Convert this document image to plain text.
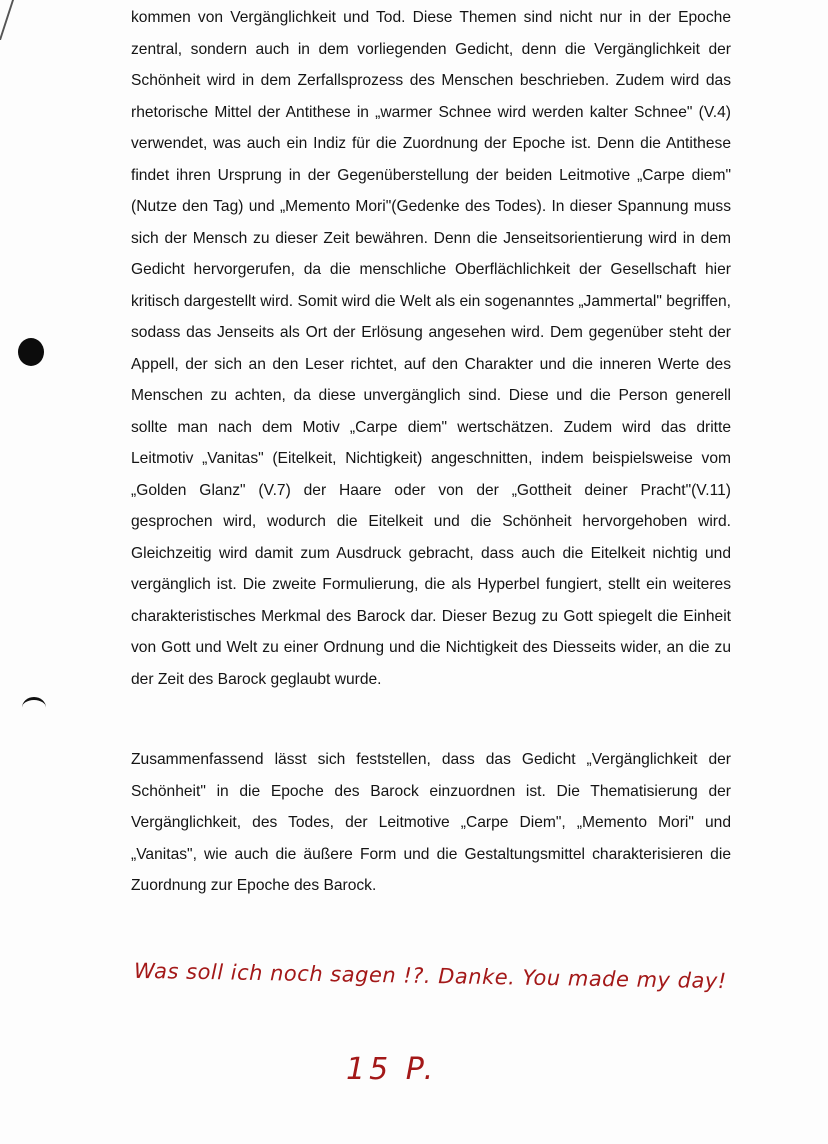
kommen von Vergänglichkeit und Tod. Diese Themen sind nicht nur in der Epoche zentral, sondern auch in dem vorliegenden Gedicht, denn die Vergänglichkeit der Schönheit wird in dem Zerfallsprozess des Menschen beschrieben. Zudem wird das rhetorische Mittel der Antithese in „warmer Schnee wird werden kalter Schnee" (V.4) verwendet, was auch ein Indiz für die Zuordnung der Epoche ist. Denn die Antithese findet ihren Ursprung in der Gegenüberstellung der beiden Leitmotive „Carpe diem"(Nutze den Tag) und „Memento Mori"(Gedenke des Todes). In dieser Spannung muss sich der Mensch zu dieser Zeit bewähren. Denn die Jenseitsorientierung wird in dem Gedicht hervorgerufen, da die menschliche Oberflächlichkeit der Gesellschaft hier kritisch dargestellt wird. Somit wird die Welt als ein sogenanntes „Jammertal" begriffen, sodass das Jenseits als Ort der Erlösung angesehen wird. Dem gegenüber steht der Appell, der sich an den Leser richtet, auf den Charakter und die inneren Werte des Menschen zu achten, da diese unvergänglich sind. Diese und die Person generell sollte man nach dem Motiv „Carpe diem" wertschätzen. Zudem wird das dritte Leitmotiv „Vanitas" (Eitelkeit, Nichtigkeit) angeschnitten, indem beispielsweise vom „Golden Glanz" (V.7) der Haare oder von der „Gottheit deiner Pracht"(V.11) gesprochen wird, wodurch die Eitelkeit und die Schönheit hervorgehoben wird. Gleichzeitig wird damit zum Ausdruck gebracht, dass auch die Eitelkeit nichtig und vergänglich ist. Die zweite Formulierung, die als Hyperbel fungiert, stellt ein weiteres charakteristisches Merkmal des Barock dar. Dieser Bezug zu Gott spiegelt die Einheit von Gott und Welt zu einer Ordnung und die Nichtigkeit des Diesseits wider, an die zu der Zeit des Barock geglaubt wurde.

Zusammenfassend lässt sich feststellen, dass das Gedicht „Vergänglichkeit der Schönheit" in die Epoche des Barock einzuordnen ist. Die Thematisierung der Vergänglichkeit, des Todes, der Leitmotive „Carpe Diem", „Memento Mori" und „Vanitas", wie auch die äußere Form und die Gestaltungsmittel charakterisieren die Zuordnung zur Epoche des Barock.

Was soll ich noch sagen !?. Danke. You made my day!
15 P.
